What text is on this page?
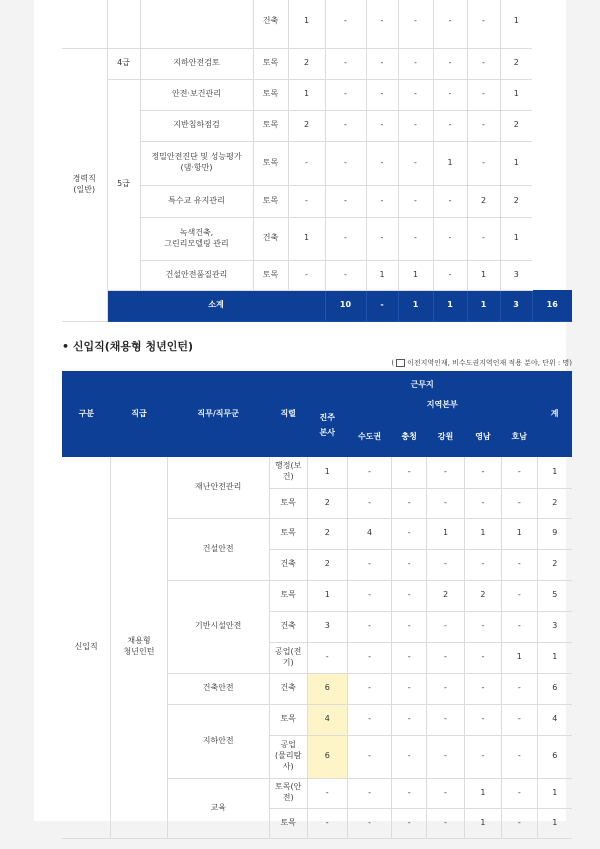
			건축	1	-	-	-	-	-	1	
경력직
(일반)	4급	지하안전검토	토목	2	-	-	-	-	-	2	
	5급	안전·보건관리	토목	1	-	-	-	-	-	1	
		지반침하점검	토목	2	-	-	-	-	-	2	
		정밀안전진단 및 성능평가
(댐·항만)	토목	-	-	-	-	1	-	1	
		특수교 유지관리	토목	-	-	-	-	-	2	2	
		녹색건축,
그린리모델링 관리	건축	1	-	-	-	-	-	1	
		건설안전품질관리	토목	-	-	1	1	-	1	3	
	소계				10	-	1	1	1	3	16
• 신입직(채용형 청년인턴)
( 이전지역인재, 비수도권지역인재 적용 분야, 단위 : 명)
구분	직급	직무/직무군	직렬	근무지						계
				진주
본사	지역본부					
					수도권	충청	강원	영남	호남	
신입직	채용형
청년인턴	재난안전관리	행정(보건)	1	-	-	-	-	-	1
			토목	2	-	-	-	-	-	2
		건설안전	토목	2	4	-	1	1	1	9
			건축	2	-	-	-	-	-	2
		기반시설안전	토목	1	-	-	2	2	-	5
			건축	3	-	-	-	-	-	3
			공업(전기)	-	-	-	-	-	1	1
		건축안전	건축	6	-	-	-	-	-	6
		지하안전	토목	4	-	-	-	-	-	4
			공업
(물리탐사)	6	-	-	-	-	-	6
		교육	토목(안전)	-	-	-	-	1	-	1
			토목	-	-	-	-	1	-	1
